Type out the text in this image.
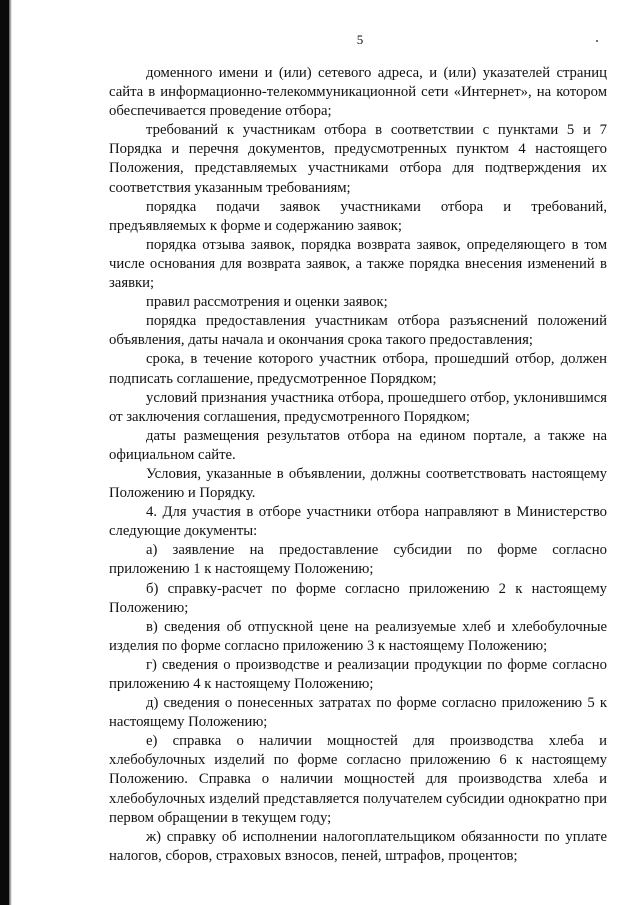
5

доменного имени и (или) сетевого адреса, и (или) указателей страниц сайта в информационно-телекоммуникационной сети «Интернет», на котором обеспечивается проведение отбора;

требований к участникам отбора в соответствии с пунктами 5 и 7 Порядка и перечня документов, предусмотренных пунктом 4 настоящего Положения, представляемых участниками отбора для подтверждения их соответствия указанным требованиям;

порядка подачи заявок участниками отбора и требований, предъявляемых к форме и содержанию заявок;

порядка отзыва заявок, порядка возврата заявок, определяющего в том числе основания для возврата заявок, а также порядка внесения изменений в заявки;

правил рассмотрения и оценки заявок;

порядка предоставления участникам отбора разъяснений положений объявления, даты начала и окончания срока такого предоставления;

срока, в течение которого участник отбора, прошедший отбор, должен подписать соглашение, предусмотренное Порядком;

условий признания участника отбора, прошедшего отбор, уклонившимся от заключения соглашения, предусмотренного Порядком;

даты размещения результатов отбора на едином портале, а также на официальном сайте.

Условия, указанные в объявлении, должны соответствовать настоящему Положению и Порядку.

4. Для участия в отборе участники отбора направляют в Министерство следующие документы:

а) заявление на предоставление субсидии по форме согласно приложению 1 к настоящему Положению;

б) справку-расчет по форме согласно приложению 2 к настоящему Положению;

в) сведения об отпускной цене на реализуемые хлеб и хлебобулочные изделия по форме согласно приложению 3 к настоящему Положению;

г) сведения о производстве и реализации продукции по форме согласно приложению 4 к настоящему Положению;

д) сведения о понесенных затратах по форме согласно приложению 5 к настоящему Положению;

е) справка о наличии мощностей для производства хлеба и хлебобулочных изделий по форме согласно приложению 6 к настоящему Положению. Справка о наличии мощностей для производства хлеба и хлебобулочных изделий представляется получателем субсидии однократно при первом обращении в текущем году;

ж) справку об исполнении налогоплательщиком обязанности по уплате налогов, сборов, страховых взносов, пеней, штрафов, процентов;
